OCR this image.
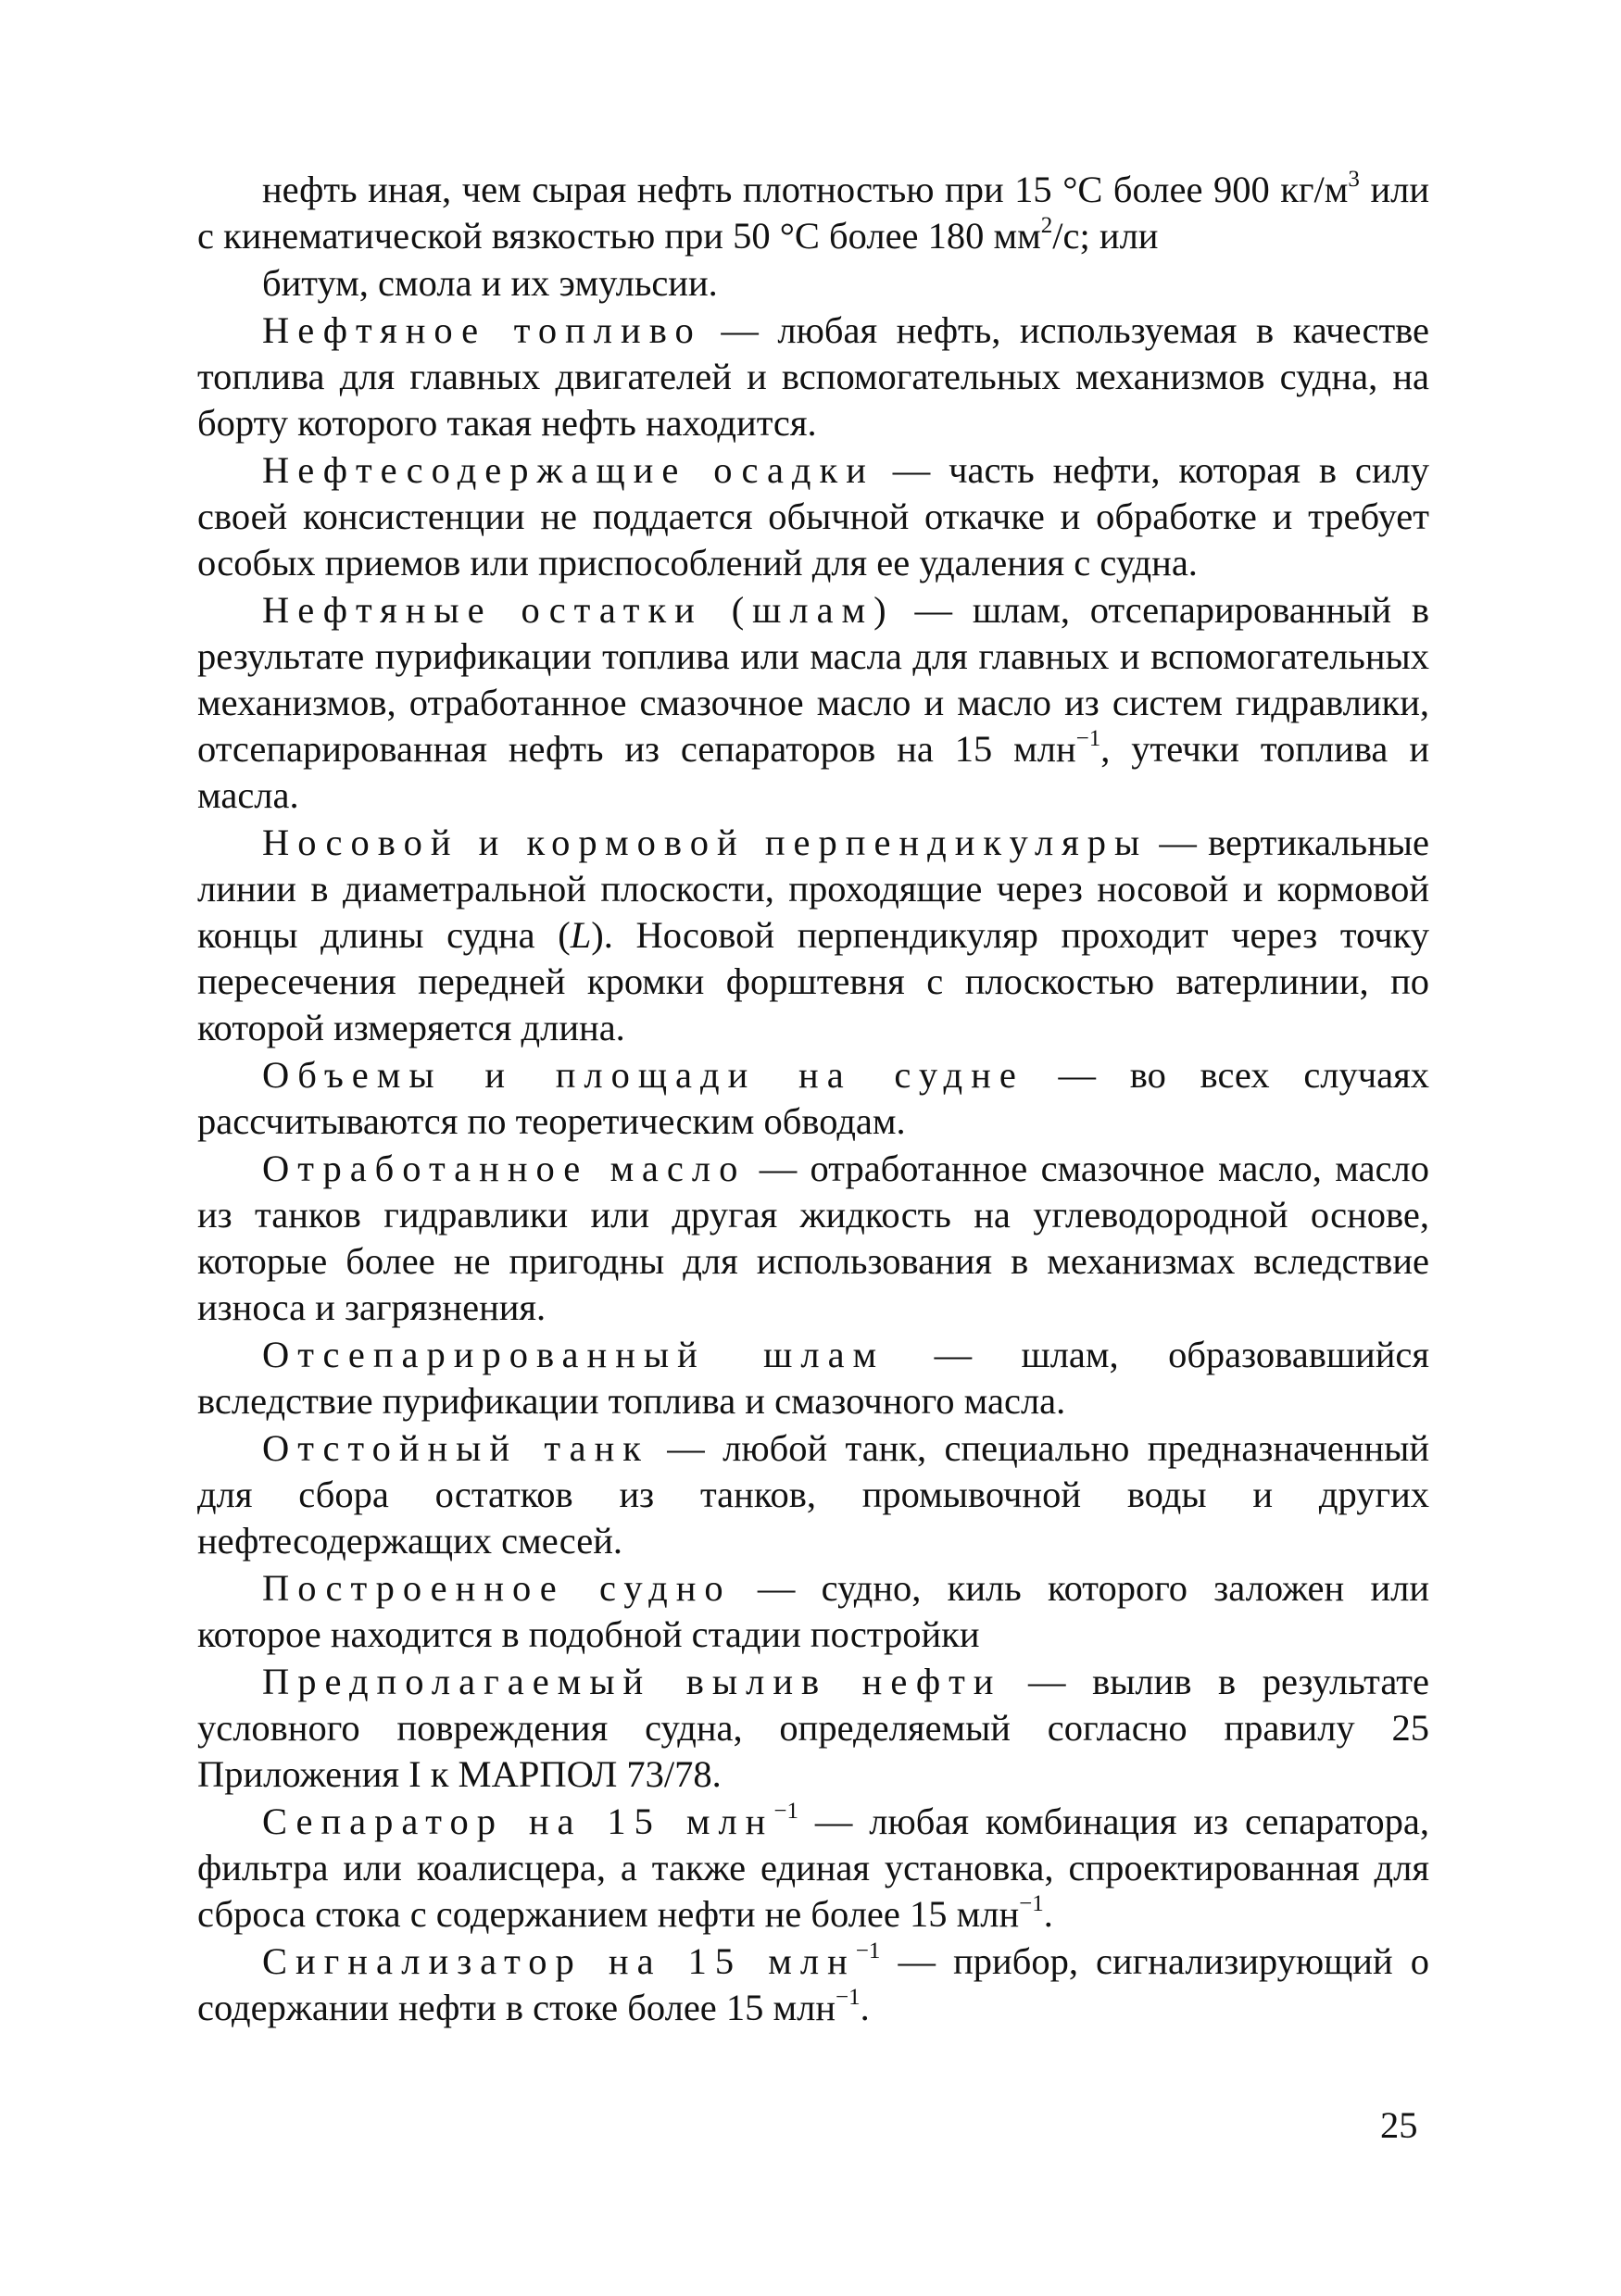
нефть иная, чем сырая нефть плотностью при 15 °С более 900 $кг/м^3$ или с кинематической вязкостью при 50 °С более 180 $мм^2/с$; или

битум, смола и их эмульсии.

Нефтяное топливо — любая нефть, используемая в качестве топлива для главных двигателей и вспомогательных механизмов судна, на борту которого такая нефть находится.

Нефтесодержащие осадки — часть нефти, которая в силу своей консистенции не поддается обычной откачке и обработке и требует особых приемов или приспособлений для ее удаления с судна.

Нефтяные остатки (шлам) — шлам, отсепарированный в результате пурификации топлива или масла для главных и вспомогательных механизмов, отработанное смазочное масло и масло из систем гидравлики, отсепарированная нефть из сепараторов на 15 млн$^{-1}$, утечки топлива и масла.

Носовой и кормовой перпендикуляры — вертикальные линии в диаметральной плоскости, проходящие через носовой и кормовой концы длины судна (L). Носовой перпендикуляр проходит через точку пересечения передней кромки форштевня с плоскостью ватерлинии, по которой измеряется длина.

Объемы и площади на судне — во всех случаях рассчитываются по теоретическим обводам.

Отработанное масло — отработанное смазочное масло, масло из танков гидравлики или другая жидкость на углеводородной основе, которые более не пригодны для использования в механизмах вследствие износа и загрязнения.

Отсепарированный шлам — шлам, образовавшийся вследствие пурификации топлива и смазочного масла.

Отстойный танк — любой танк, специально предназначенный для сбора остатков из танков, промывочной воды и других нефтесодержащих смесей.

Построенное судно — судно, киль которого заложен или которое находится в подобной стадии постройки

Предполагаемый вылив нефти — вылив в результате условного повреждения судна, определяемый согласно правилу 25 Приложения I к МАРПОЛ 73/78.

Сепаратор на 15 млн$^{-1}$ — любая комбинация из сепаратора, фильтра или коалисцера, а также единая установка, спроектированная для сброса стока с содержанием нефти не более 15 млн$^{-1}$.

Сигнализатор на 15 млн$^{-1}$ — прибор, сигнализирующий о содержании нефти в стоке более 15 млн$^{-1}$.

25
